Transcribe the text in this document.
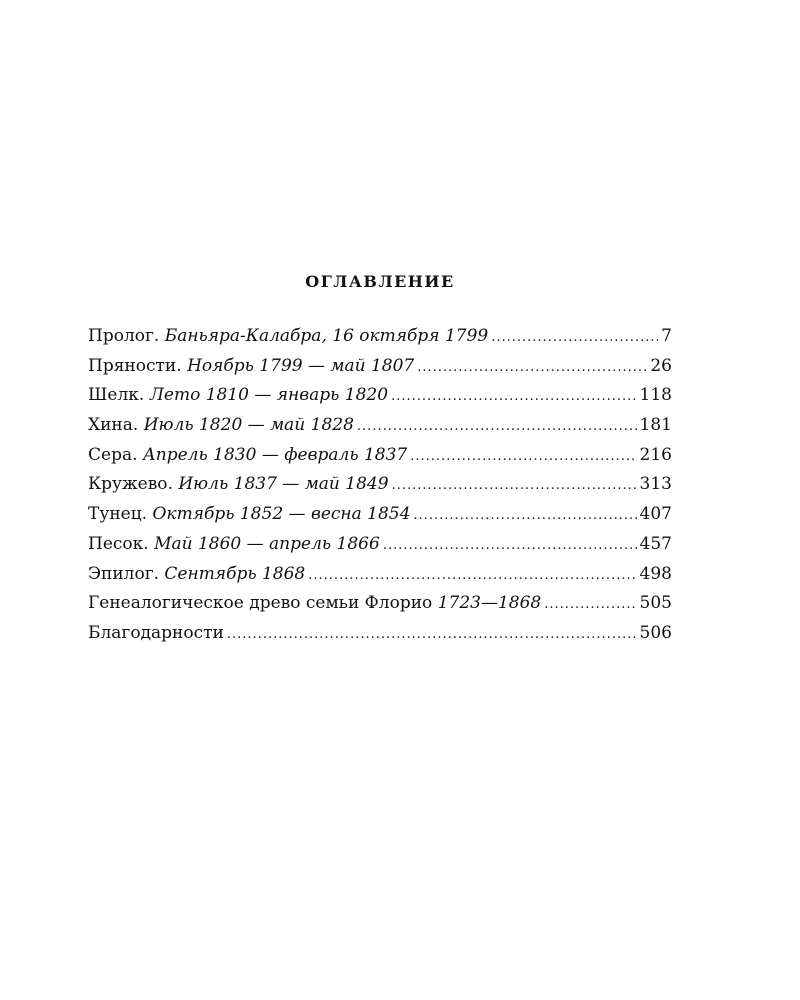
ОГЛАВЛЕНИЕ
Пролог. Баньяра-Калабра, 16 октября 1799 .....	7
Пряности. Ноябрь 1799 — май 1807 .....	26
Шелк. Лето 1810 — январь 1820 .....	118
Хина. Июль 1820 — май 1828 .....	181
Сера. Апрель 1830 — февраль 1837 .....	216
Кружево. Июль 1837 — май 1849 .....	313
Тунец. Октябрь 1852 — весна 1854 .....	407
Песок. Май 1860 — апрель 1866 .....	457
Эпилог. Сентябрь 1868 .....	498
Генеалогическое древо семьи Флорио 1723—1868 .....	505
Благодарности .....	506
